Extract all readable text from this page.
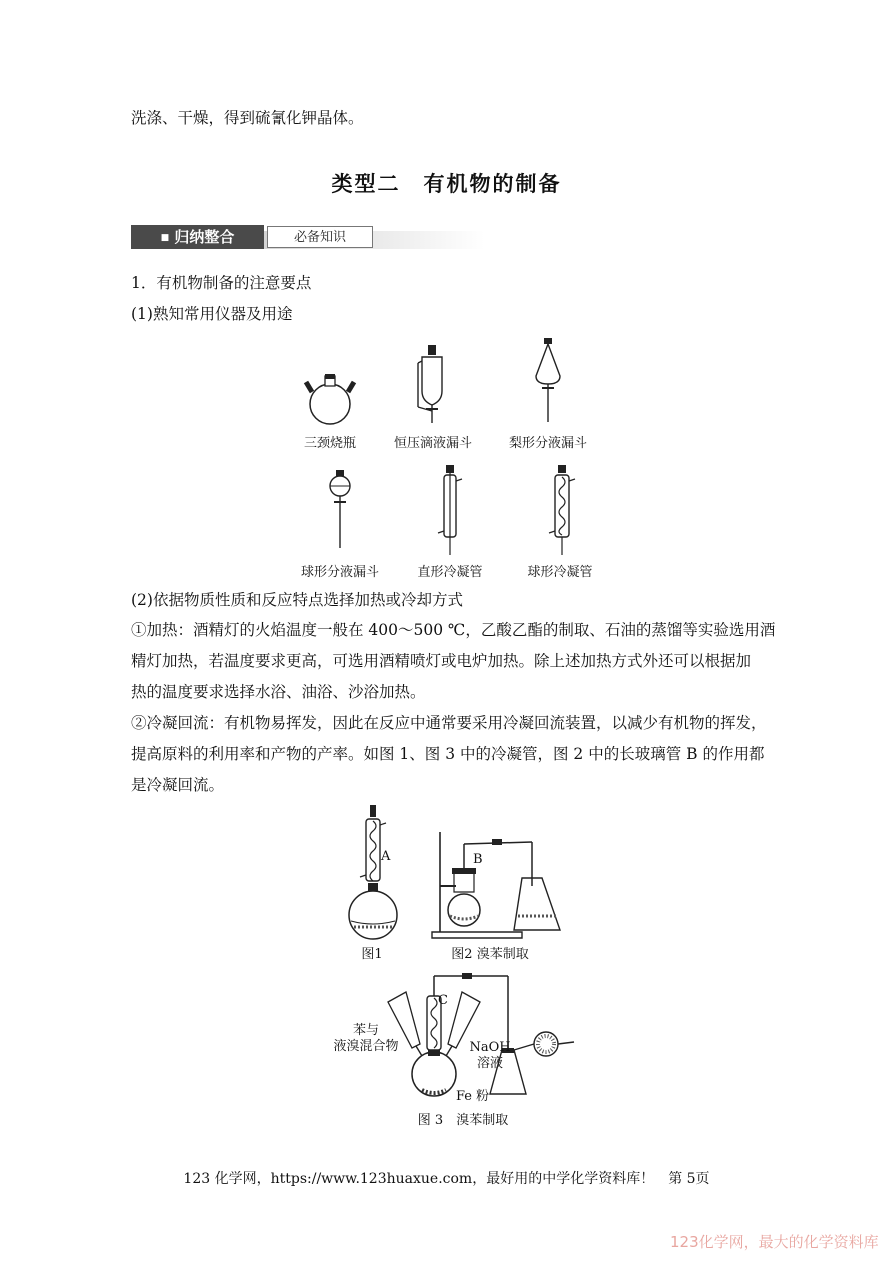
洗涤、干燥，得到硫氰化钾晶体。
类型二　有机物的制备
■ 归纳整合	必备知识
1．有机物制备的注意要点
(1)熟知常用仪器及用途
三颈烧瓶	恒压滴液漏斗	梨形分液漏斗
球形分液漏斗	直形冷凝管	球形冷凝管
(2)依据物质性质和反应特点选择加热或冷却方式
①加热：酒精灯的火焰温度一般在 400～500 ℃，乙酸乙酯的制取、石油的蒸馏等实验选用酒
精灯加热，若温度要求更高，可选用酒精喷灯或电炉加热。除上述加热方式外还可以根据加
热的温度要求选择水浴、油浴、沙浴加热。
②冷凝回流：有机物易挥发，因此在反应中通常要采用冷凝回流装置，以减少有机物的挥发，
提高原料的利用率和产物的产率。如图 1、图 3 中的冷凝管，图 2 中的长玻璃管 B 的作用都
是冷凝回流。
A
图1
B
图2 溴苯制取
C
苯与
液溴混合物	NaOH
溶液
Fe 粉
图 3　溴苯制取
123 化学网，https://www.123huaxue.com，最好用的中学化学资料库！　第 5页
123化学网，最大的化学资料库
